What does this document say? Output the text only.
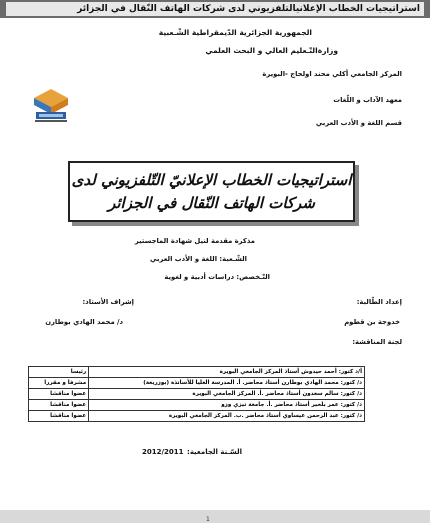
استراتيجيات الخطاب الإعلانيالتلفزيوني لدى شركات الهاتف النّقال في الجزائر
الجمهورية الجزائرية الدّيمقراطية الشّـعبية
وزارةالتّـعليم العالي و البحث العلمي
المركز الجامعي أكلي محند اولحاج -البويرة
معهد الآداب و اللّغات
قسم اللغة و الأدب العربي
استراتيجيات الخطاب الإعلانيّ التّلفزيوني لدى
شركات الهاتف النّقال في الجزائر
مذكرة مقدمة لنيل شهادة الماجستير
الشّـعبة: اللغة و الأدب العربي
التّـخصص: دراسات أدبية و لغوية
إعداد الطّالبة:
إشراف الأستاذ:
خدوجة بن قطوم
د/ محمد الهادي بوطارن
لجنة المناقشة:
أ/د كتور: أحمد حيدوش أستاذ المركز الجامعي البويرة	رئيسا
د/ كتور: محمد الهادي بوطارن أستاذ محاضر. أ. المدرسة العليا للأساتذة (بوزريعة)	مشرفا و مقررا
د/ كتور: سالم سعدون أستاذ محاضر .أ. المركز الجامعي البويرة	عضوا مناقشا
د/ كتور: عمر بلخير أستاذ محاضر .أ. جامعة تيزي وزو	عضوا مناقشا
د/ كتور: عبد الرحمن عيساوي أستاذ محاضر .ب. المركز الجامعي البويرة	عضوا مناقشا
السّـنة الجامعية:
2012/2011
1
